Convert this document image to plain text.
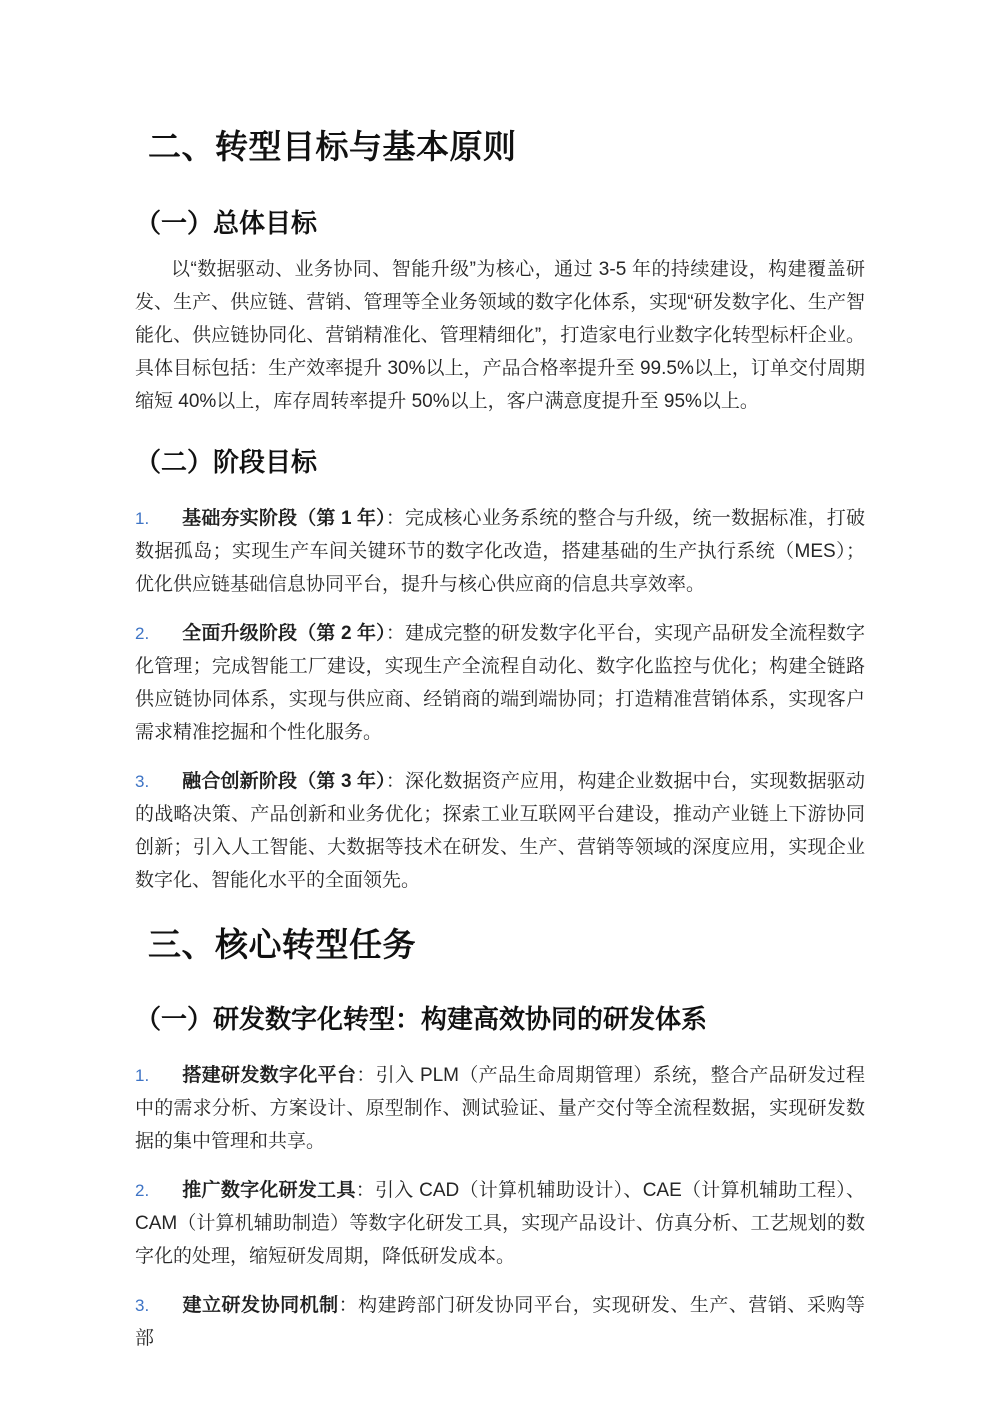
二、转型目标与基本原则
（一）总体目标

以“数据驱动、业务协同、智能升级”为核心，通过 3-5 年的持续建设，构建覆盖研发、生产、供应链、营销、管理等全业务领域的数字化体系，实现“研发数字化、生产智能化、供应链协同化、营销精准化、管理精细化”，打造家电行业数字化转型标杆企业。具体目标包括：生产效率提升 30%以上，产品合格率提升至 99.5%以上，订单交付周期缩短 40%以上，库存周转率提升 50%以上，客户满意度提升至 95%以上。

（二）阶段目标
1. 基础夯实阶段（第 1 年）：完成核心业务系统的整合与升级，统一数据标准，打破数据孤岛；实现生产车间关键环节的数字化改造，搭建基础的生产执行系统（MES）；优化供应链基础信息协同平台，提升与核心供应商的信息共享效率。
2. 全面升级阶段（第 2 年）：建成完整的研发数字化平台，实现产品研发全流程数字化管理；完成智能工厂建设，实现生产全流程自动化、数字化监控与优化；构建全链路供应链协同体系，实现与供应商、经销商的端到端协同；打造精准营销体系，实现客户需求精准挖掘和个性化服务。
3. 融合创新阶段（第 3 年）：深化数据资产应用，构建企业数据中台，实现数据驱动的战略决策、产品创新和业务优化；探索工业互联网平台建设，推动产业链上下游协同创新；引入人工智能、大数据等技术在研发、生产、营销等领域的深度应用，实现企业数字化、智能化水平的全面领先。
三、核心转型任务
（一）研发数字化转型：构建高效协同的研发体系
1. 搭建研发数字化平台：引入 PLM（产品生命周期管理）系统，整合产品研发过程中的需求分析、方案设计、原型制作、测试验证、量产交付等全流程数据，实现研发数据的集中管理和共享。
2. 推广数字化研发工具：引入 CAD（计算机辅助设计）、CAE（计算机辅助工程）、CAM（计算机辅助制造）等数字化研发工具，实现产品设计、仿真分析、工艺规划的数字化的处理，缩短研发周期，降低研发成本。
3. 建立研发协同机制：构建跨部门研发协同平台，实现研发、生产、营销、采购等部
